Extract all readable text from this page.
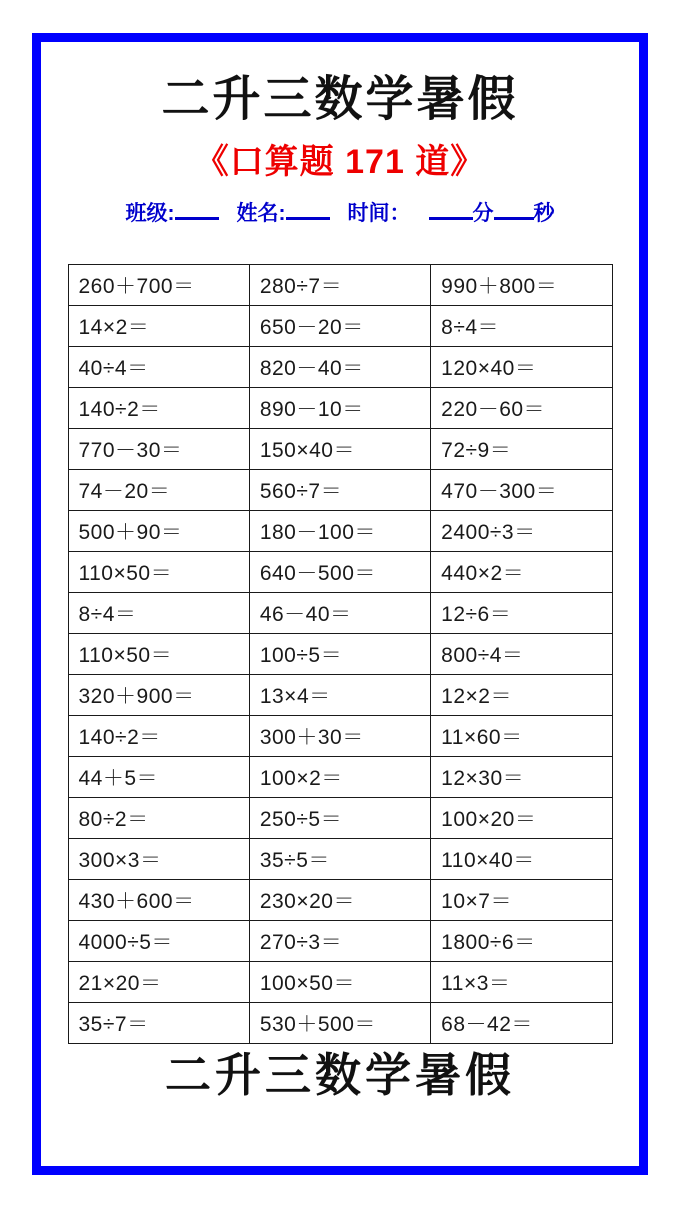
二升三数学暑假
《口算题 171 道》
班级:	姓名:	时间：	分 秒
260＋700＝	280÷7＝	990＋800＝
14×2＝	650－20＝	8÷4＝
40÷4＝	820－40＝	120×40＝
140÷2＝	890－10＝	220－60＝
770－30＝	150×40＝	72÷9＝
74－20＝	560÷7＝	470－300＝
500＋90＝	180－100＝	2400÷3＝
110×50＝	640－500＝	440×2＝
8÷4＝	46－40＝	12÷6＝
110×50＝	100÷5＝	800÷4＝
320＋900＝	13×4＝	12×2＝
140÷2＝	300＋30＝	11×60＝
44＋5＝	100×2＝	12×30＝
80÷2＝	250÷5＝	100×20＝
300×3＝	35÷5＝	110×40＝
430＋600＝	230×20＝	10×7＝
4000÷5＝	270÷3＝	1800÷6＝
21×20＝	100×50＝	11×3＝
35÷7＝	530＋500＝	68－42＝
二升三数学暑假
